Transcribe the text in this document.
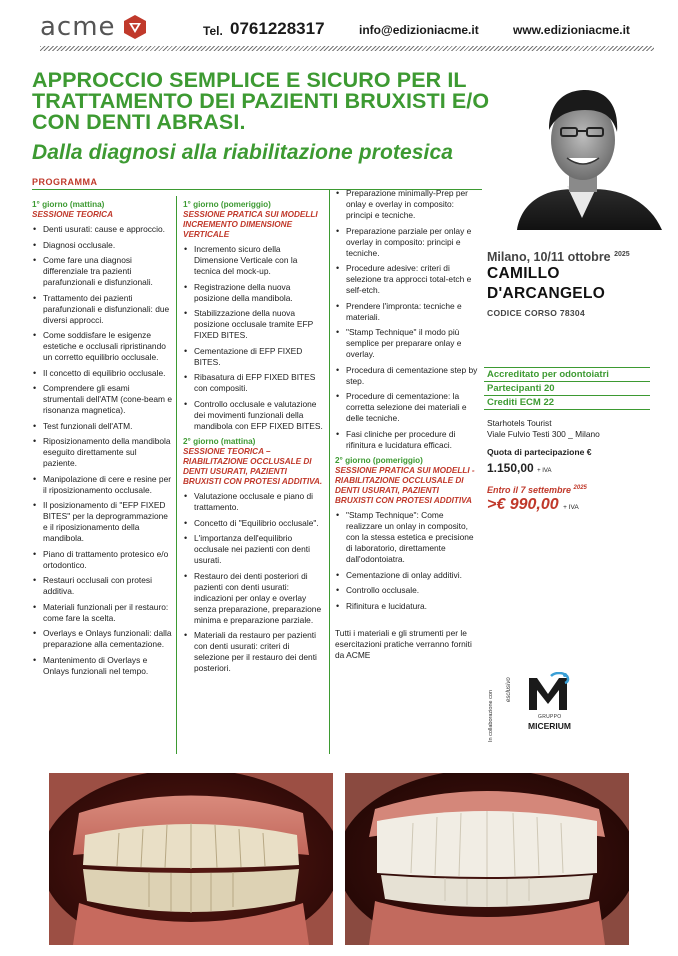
acme	Tel. 0761228317	info@edizioniacme.it	www.edizioniacme.it
APPROCCIO SEMPLICE E SICURO PER IL TRATTAMENTO DEI PAZIENTI BRUXISTI E/O CON DENTI ABRASI.
Dalla diagnosi alla riabilitazione protesica
PROGRAMMA
1° giorno (mattina)
SESSIONE TEORICA
• Denti usurati: cause e approccio.
• Diagnosi occlusale.
• Come fare una diagnosi differenziale tra pazienti parafunzionali e disfunzionali.
• Trattamento dei pazienti parafunzionali e disfunzionali: due diversi approcci.
• Come soddisfare le esigenze estetiche e occlusali ripristinando un corretto equilibrio occlusale.
• Il concetto di equilibrio occlusale.
• Comprendere gli esami strumentali dell'ATM (cone-beam e risonanza magnetica).
• Test funzionali dell'ATM.
• Riposizionamento della mandibola eseguito direttamente sul paziente.
• Manipolazione di cere e resine per il riposizionamento occlusale.
• Il posizionamento di "EFP FIXED BITES" per la deprogrammazione e il riposizionamento della mandibola.
• Piano di trattamento protesico e/o ortodontico.
• Restauri occlusali con protesi additiva.
• Materiali funzionali per il restauro: come fare la scelta.
• Overlays e Onlays funzionali: dalla preparazione alla cementazione.
• Mantenimento di Overlays e Onlays funzionali nel tempo.
1° giorno (pomeriggio)
SESSIONE PRATICA SUI MODELLI INCREMENTO DIMENSIONE VERTICALE
• Incremento sicuro della Dimensione Verticale con la tecnica del mock-up.
• Registrazione della nuova posizione della mandibola.
• Stabilizzazione della nuova posizione occlusale tramite EFP FIXED BITES.
• Cementazione di EFP FIXED BITES.
• Ribasatura di EFP FIXED BITES con compositi.
• Controllo occlusale e valutazione dei movimenti funzionali della mandibola con EFP FIXED BITES.
2° giorno (mattina)
SESSIONE TEORICA – RIABILITAZIONE OCCLUSALE DI DENTI USURATI, PAZIENTI BRUXISTI CON PROTESI ADDITIVA.
• Valutazione occlusale e piano di trattamento.
• Concetto di "Equilibrio occlusale".
• L'importanza dell'equilibrio occlusale nei pazienti con denti usurati.
• Restauro dei denti posteriori di pazienti con denti usurati: indicazioni per onlay e overlay senza preparazione, preparazione minima e preparazione parziale.
• Materiali da restauro per pazienti con denti usurati: criteri di selezione per il restauro dei denti posteriori.
• Preparazione minimally-Prep per onlay e overlay in composito: principi e tecniche.
• Preparazione parziale per onlay e overlay in composito: principi e tecniche.
• Procedure adesive: criteri di selezione tra approcci total-etch e self-etch.
• Prendere l'impronta: tecniche e materiali.
• "Stamp Technique" il modo più semplice per preparare onlay e overlay.
• Procedura di cementazione step by step.
• Procedure di cementazione: la corretta selezione dei materiali e delle tecniche.
• Fasi cliniche per procedure di rifinitura e lucidatura efficaci.
2° giorno (pomeriggio)
SESSIONE PRATICA SUI MODELLI - RIABILITAZIONE OCCLUSALE DI DENTI USURATI, PAZIENTI BRUXISTI CON PROTESI ADDITIVA
• "Stamp Technique": Come realizzare un onlay in composito, con la stessa estetica e precisione di laboratorio, direttamente dall'odontoiatra.
• Cementazione di onlay additivi.
• Controllo occlusale.
• Rifinitura e lucidatura.
Tutti i materiali e gli strumenti per le esercitazioni pratiche verranno forniti da ACME
Milano, 10/11 ottobre $^{2025}$
CAMILLO
D'ARCANGELO
CODICE CORSO 78304
Accreditato per odontoiatri
Partecipanti 20
Crediti ECM 22
Starhotels Tourist
Viale Fulvio Testi 300 _ Milano
Quota di partecipazione €
1.150,00 + IVA
Entro il 7 settembre $^{2025}$
>€ 990,00 + IVA
In collaborazione con
esclusivo
GRUPPO
MICERIUM
